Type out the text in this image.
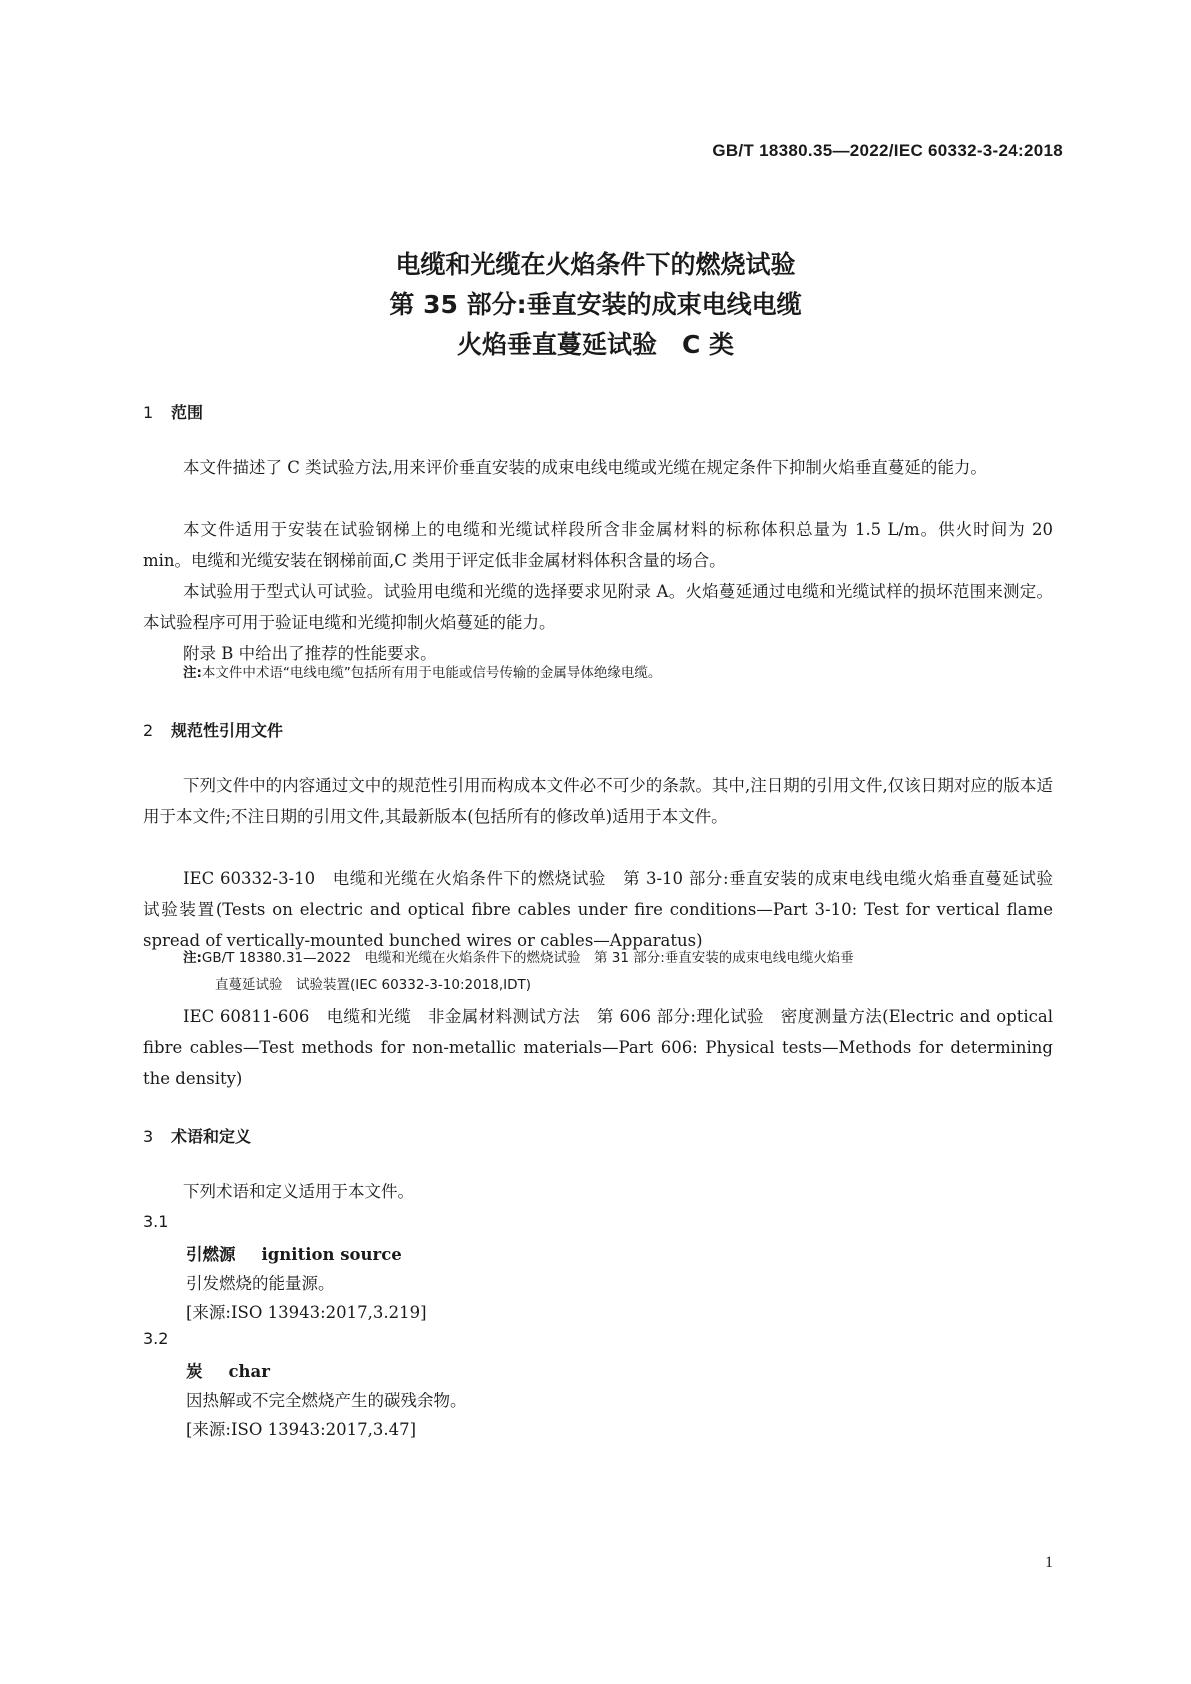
GB/T 18380.35—2022/IEC 60332-3-24:2018
电缆和光缆在火焰条件下的燃烧试验
第 35 部分:垂直安装的成束电线电缆
火焰垂直蔓延试验　C 类
1 范围

本文件描述了 C 类试验方法,用来评价垂直安装的成束电线电缆或光缆在规定条件下抑制火焰垂直蔓延的能力。

本文件适用于安装在试验钢梯上的电缆和光缆试样段所含非金属材料的标称体积总量为 1.5 L/m。供火时间为 20 min。电缆和光缆安装在钢梯前面,C 类用于评定低非金属材料体积含量的场合。

本试验用于型式认可试验。试验用电缆和光缆的选择要求见附录 A。火焰蔓延通过电缆和光缆试样的损坏范围来测定。本试验程序可用于验证电缆和光缆抑制火焰蔓延的能力。

附录 B 中给出了推荐的性能要求。

注:本文件中术语“电线电缆”包括所有用于电能或信号传输的金属导体绝缘电缆。
2 规范性引用文件

下列文件中的内容通过文中的规范性引用而构成本文件必不可少的条款。其中,注日期的引用文件,仅该日期对应的版本适用于本文件;不注日期的引用文件,其最新版本(包括所有的修改单)适用于本文件。

IEC 60332-3-10　电缆和光缆在火焰条件下的燃烧试验　第 3-10 部分:垂直安装的成束电线电缆火焰垂直蔓延试验　试验装置(Tests on electric and optical fibre cables under fire conditions—Part 3-10: Test for vertical flame spread of vertically-mounted bunched wires or cables—Apparatus)

注:GB/T 18380.31—2022　电缆和光缆在火焰条件下的燃烧试验　第 31 部分:垂直安装的成束电线电缆火焰垂
直蔓延试验　试验装置(IEC 60332-3-10:2018,IDT)

IEC 60811-606　电缆和光缆　非金属材料测试方法　第 606 部分:理化试验　密度测量方法(Electric and optical fibre cables—Test methods for non-metallic materials—Part 606: Physical tests—Methods for determining the density)

3 术语和定义

下列术语和定义适用于本文件。

3.1
引燃源 ignition source
引发燃烧的能量源。
[来源:ISO 13943:2017,3.219]
3.2
炭 char
因热解或不完全燃烧产生的碳残余物。
[来源:ISO 13943:2017,3.47]
1
